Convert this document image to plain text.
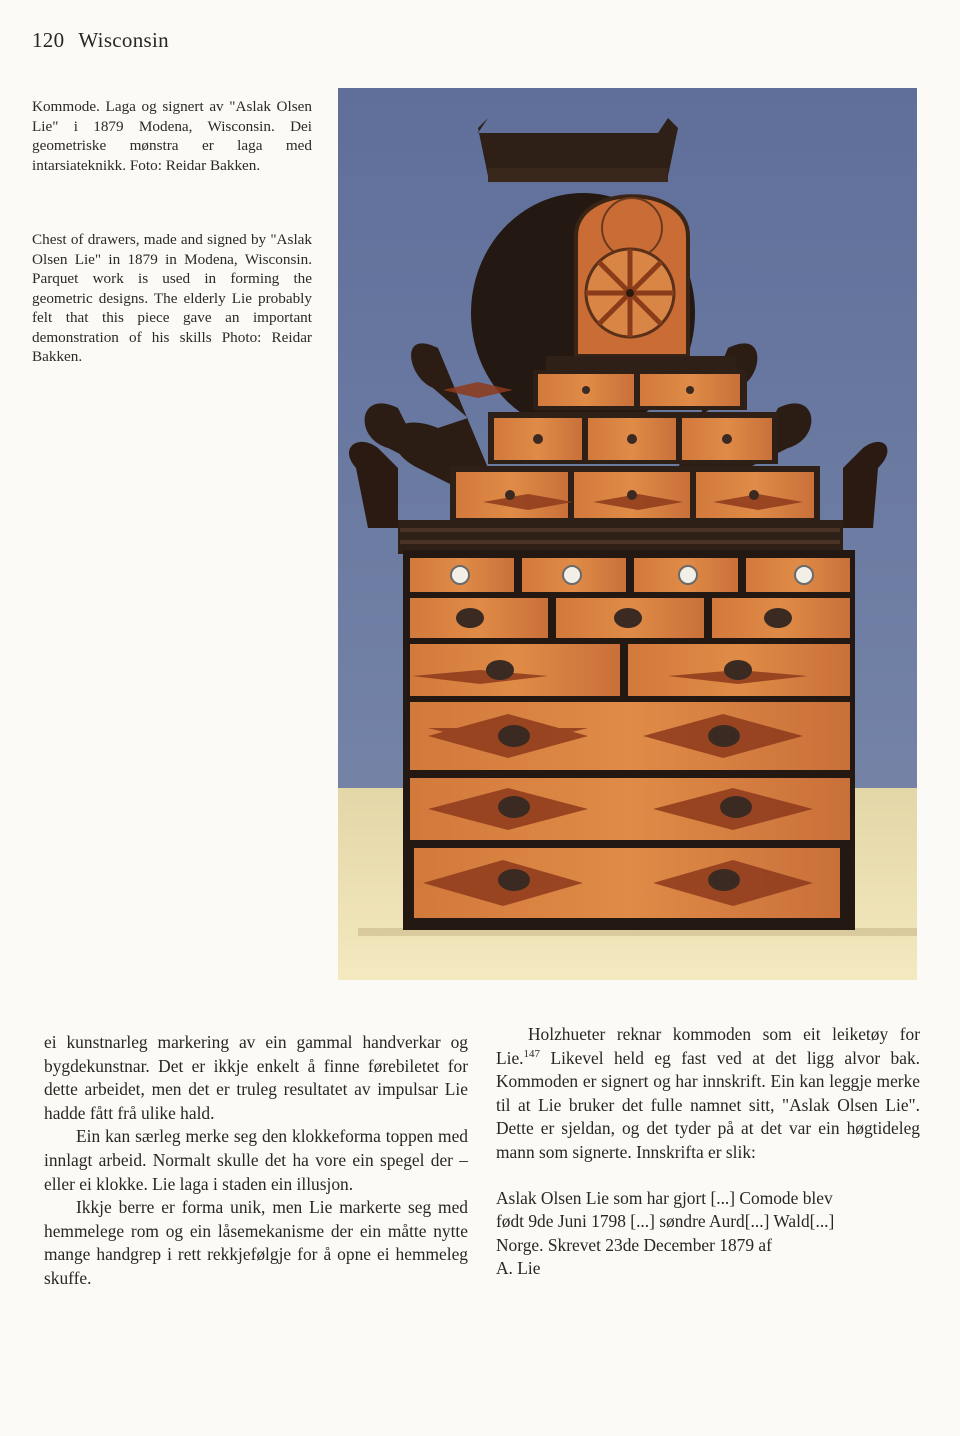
120 Wisconsin
Kommode. Laga og signert av "Aslak Olsen Lie" i 1879 Modena, Wisconsin. Dei geometriske mønstra er laga med intarsiateknikk. Foto: Reidar Bakken.
Chest of drawers, made and signed by "Aslak Olsen Lie" in 1879 in Modena, Wisconsin. Parquet work is used in forming the geometric designs. The elderly Lie probably felt that this piece gave an important demonstration of his skills Photo: Reidar Bakken.

ei kunstnarleg markering av ein gammal handverkar og bygdekunstnar. Det er ikkje enkelt å finne førebiletet for dette arbeidet, men det er truleg resultatet av impulsar Lie hadde fått frå ulike hald.

Ein kan særleg merke seg den klokkeforma toppen med innlagt arbeid. Normalt skulle det ha vore ein spegel der – eller ei klokke. Lie laga i staden ein illusjon.

Ikkje berre er forma unik, men Lie markerte seg med hemmelege rom og ein låsemekanisme der ein måtte nytte mange handgrep i rett rekkjefølgje for å opne ei hemmeleg skuffe.

Holzhueter reknar kommoden som eit leiketøy for Lie.$^{147}$ Likevel held eg fast ved at det ligg alvor bak. Kommoden er signert og har innskrift. Ein kan leggje merke til at Lie bruker det fulle namnet sitt, "Aslak Olsen Lie". Dette er sjeldan, og det tyder på at det var ein høgtideleg mann som signerte. Innskrifta er slik:

Aslak Olsen Lie som har gjort [...] Comode blev
født 9de Juni 1798 [...] søndre Aurd[...] Wald[...]
Norge. Skrevet 23de December 1879 af
A. Lie
